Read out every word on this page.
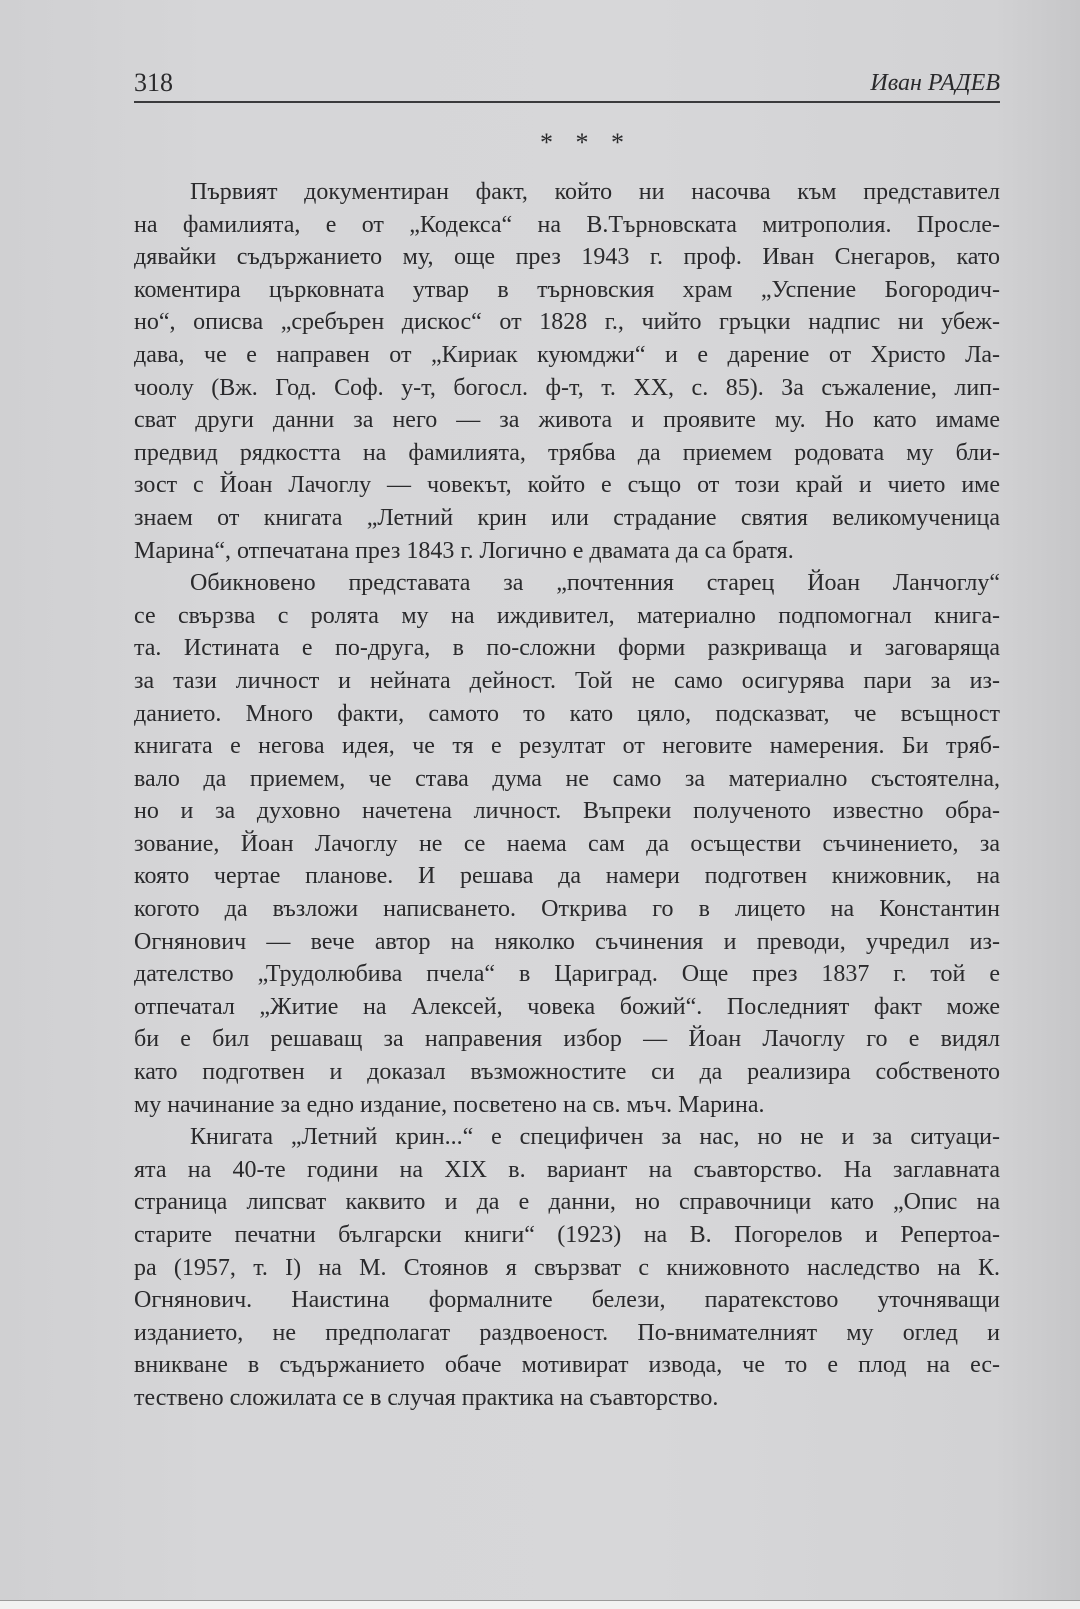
318	Иван РАДЕВ
* * *
Първият документиран факт, който ни насочва към представител
на фамилията, е от „Кодекса“ на В.Търновската митрополия. Просле-
дявайки съдържанието му, още през 1943 г. проф. Иван Снегаров, като
коментира църковната утвар в търновския храм „Успение Богородич-
но“, описва „сребърен дискос“ от 1828 г., чийто гръцки надпис ни убеж-
дава, че е направен от „Кириак куюмджи“ и е дарение от Христо Ла-
чоолу (Вж. Год. Соф. у-т, богосл. ф-т, т. XX, с. 85). За съжаление, лип-
сват други данни за него — за живота и проявите му. Но като имаме
предвид рядкостта на фамилията, трябва да приемем родовата му бли-
зост с Йоан Лачоглу — човекът, който е също от този край и чието име
знаем от книгата „Летний крин или страдание святия великомученица
Марина“, отпечатана през 1843 г. Логично е двамата да са братя.
Обикновено представата за „почтенния старец Йоан Ланчоглу“
се свързва с ролята му на иждивител, материално подпомогнал книга-
та. Истината е по-друга, в по-сложни форми разкриваща и заговаряща
за тази личност и нейната дейност. Той не само осигурява пари за из-
данието. Много факти, самото то като цяло, подсказват, че всъщност
книгата е негова идея, че тя е резултат от неговите намерения. Би тряб-
вало да приемем, че става дума не само за материално състоятелна,
но и за духовно начетена личност. Въпреки полученото известно обра-
зование, Йоан Лачоглу не се наема сам да осъществи съчинението, за
която чертае планове. И решава да намери подготвен книжовник, на
когото да възложи написването. Открива го в лицето на Константин
Огнянович — вече автор на няколко съчинения и преводи, учредил из-
дателство „Трудолюбива пчела“ в Цариград. Още през 1837 г. той е
отпечатал „Житие на Алексей, човека божий“. Последният факт може
би е бил решаващ за направения избор — Йоан Лачоглу го е видял
като подготвен и доказал възможностите си да реализира собственото
му начинание за едно издание, посветено на св. мъч. Марина.
Книгата „Летний крин...“ е специфичен за нас, но не и за ситуаци-
ята на 40-те години на XIX в. вариант на съавторство. На заглавната
страница липсват каквито и да е данни, но справочници като „Опис на
старите печатни български книги“ (1923) на В. Погорелов и Репертоа-
ра (1957, т. I) на М. Стоянов я свързват с книжовното наследство на К.
Огнянович. Наистина формалните белези, паратекстово уточняващи
изданието, не предполагат раздвоеност. По-внимателният му оглед и
вникване в съдържанието обаче мотивират извода, че то е плод на ес-
тествено сложилата се в случая практика на съавторство.
